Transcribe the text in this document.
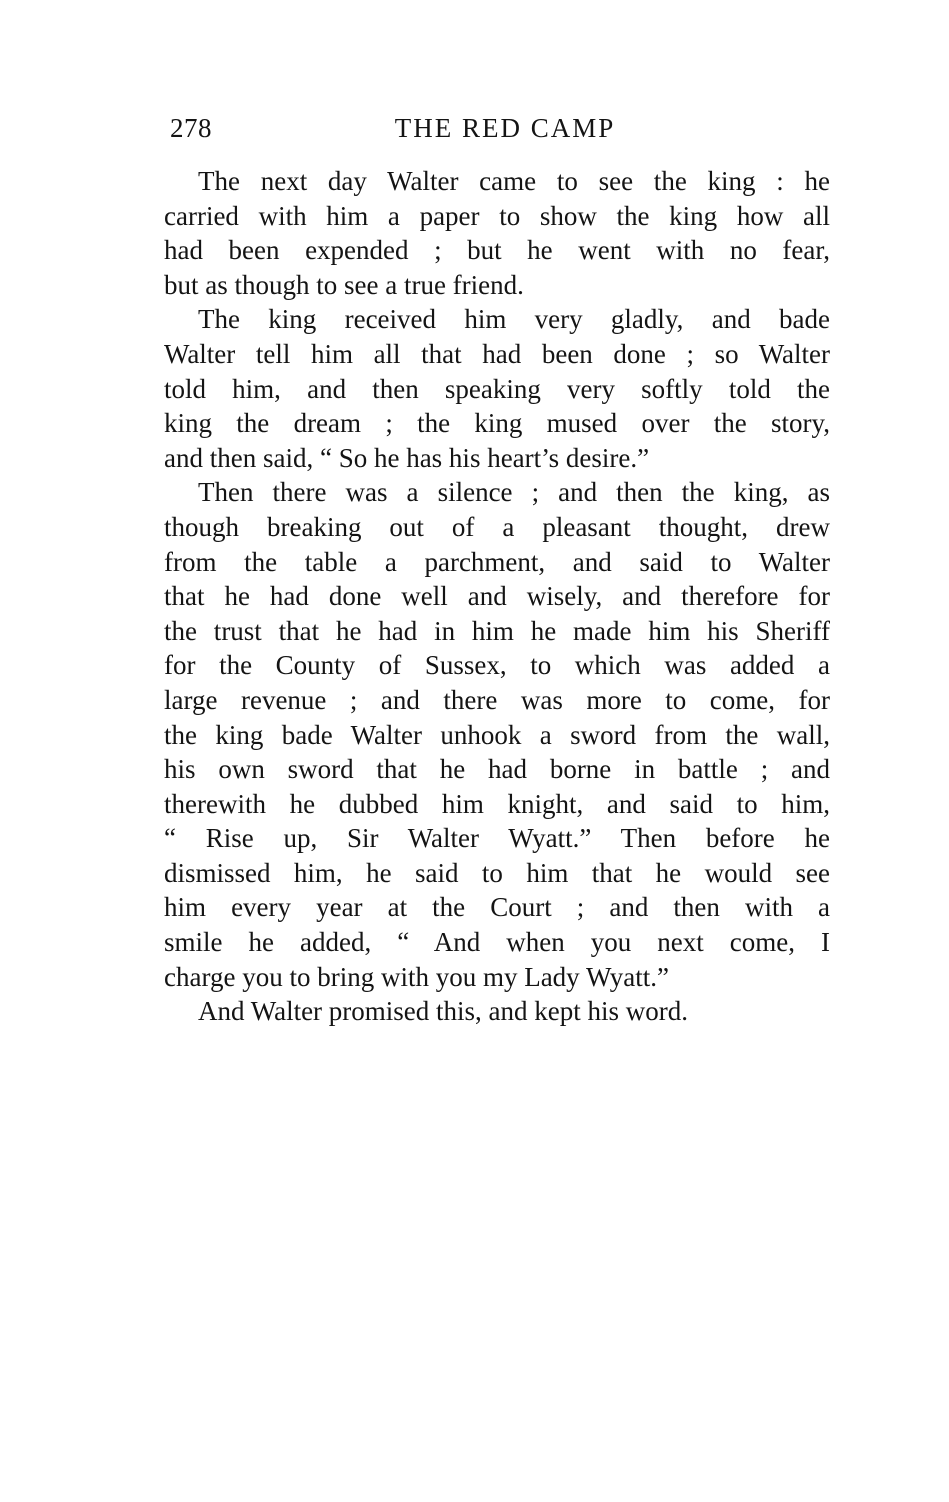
278	THE RED CAMP
The next day Walter came to see the king : he
carried with him a paper to show the king how all
had been expended ; but he went with no fear,
but as though to see a true friend.
The king received him very gladly, and bade
Walter tell him all that had been done ; so Walter
told him, and then speaking very softly told the
king the dream ; the king mused over the story,
and then said, “ So he has his heart’s desire.”
Then there was a silence ; and then the king, as
though breaking out of a pleasant thought, drew
from the table a parchment, and said to Walter
that he had done well and wisely, and therefore for
the trust that he had in him he made him his Sheriff
for the County of Sussex, to which was added a
large revenue ; and there was more to come, for
the king bade Walter unhook a sword from the wall,
his own sword that he had borne in battle ; and
therewith he dubbed him knight, and said to him,
“ Rise up, Sir Walter Wyatt.” Then before he
dismissed him, he said to him that he would see
him every year at the Court ; and then with a
smile he added, “ And when you next come, I
charge you to bring with you my Lady Wyatt.”
And Walter promised this, and kept his word.
